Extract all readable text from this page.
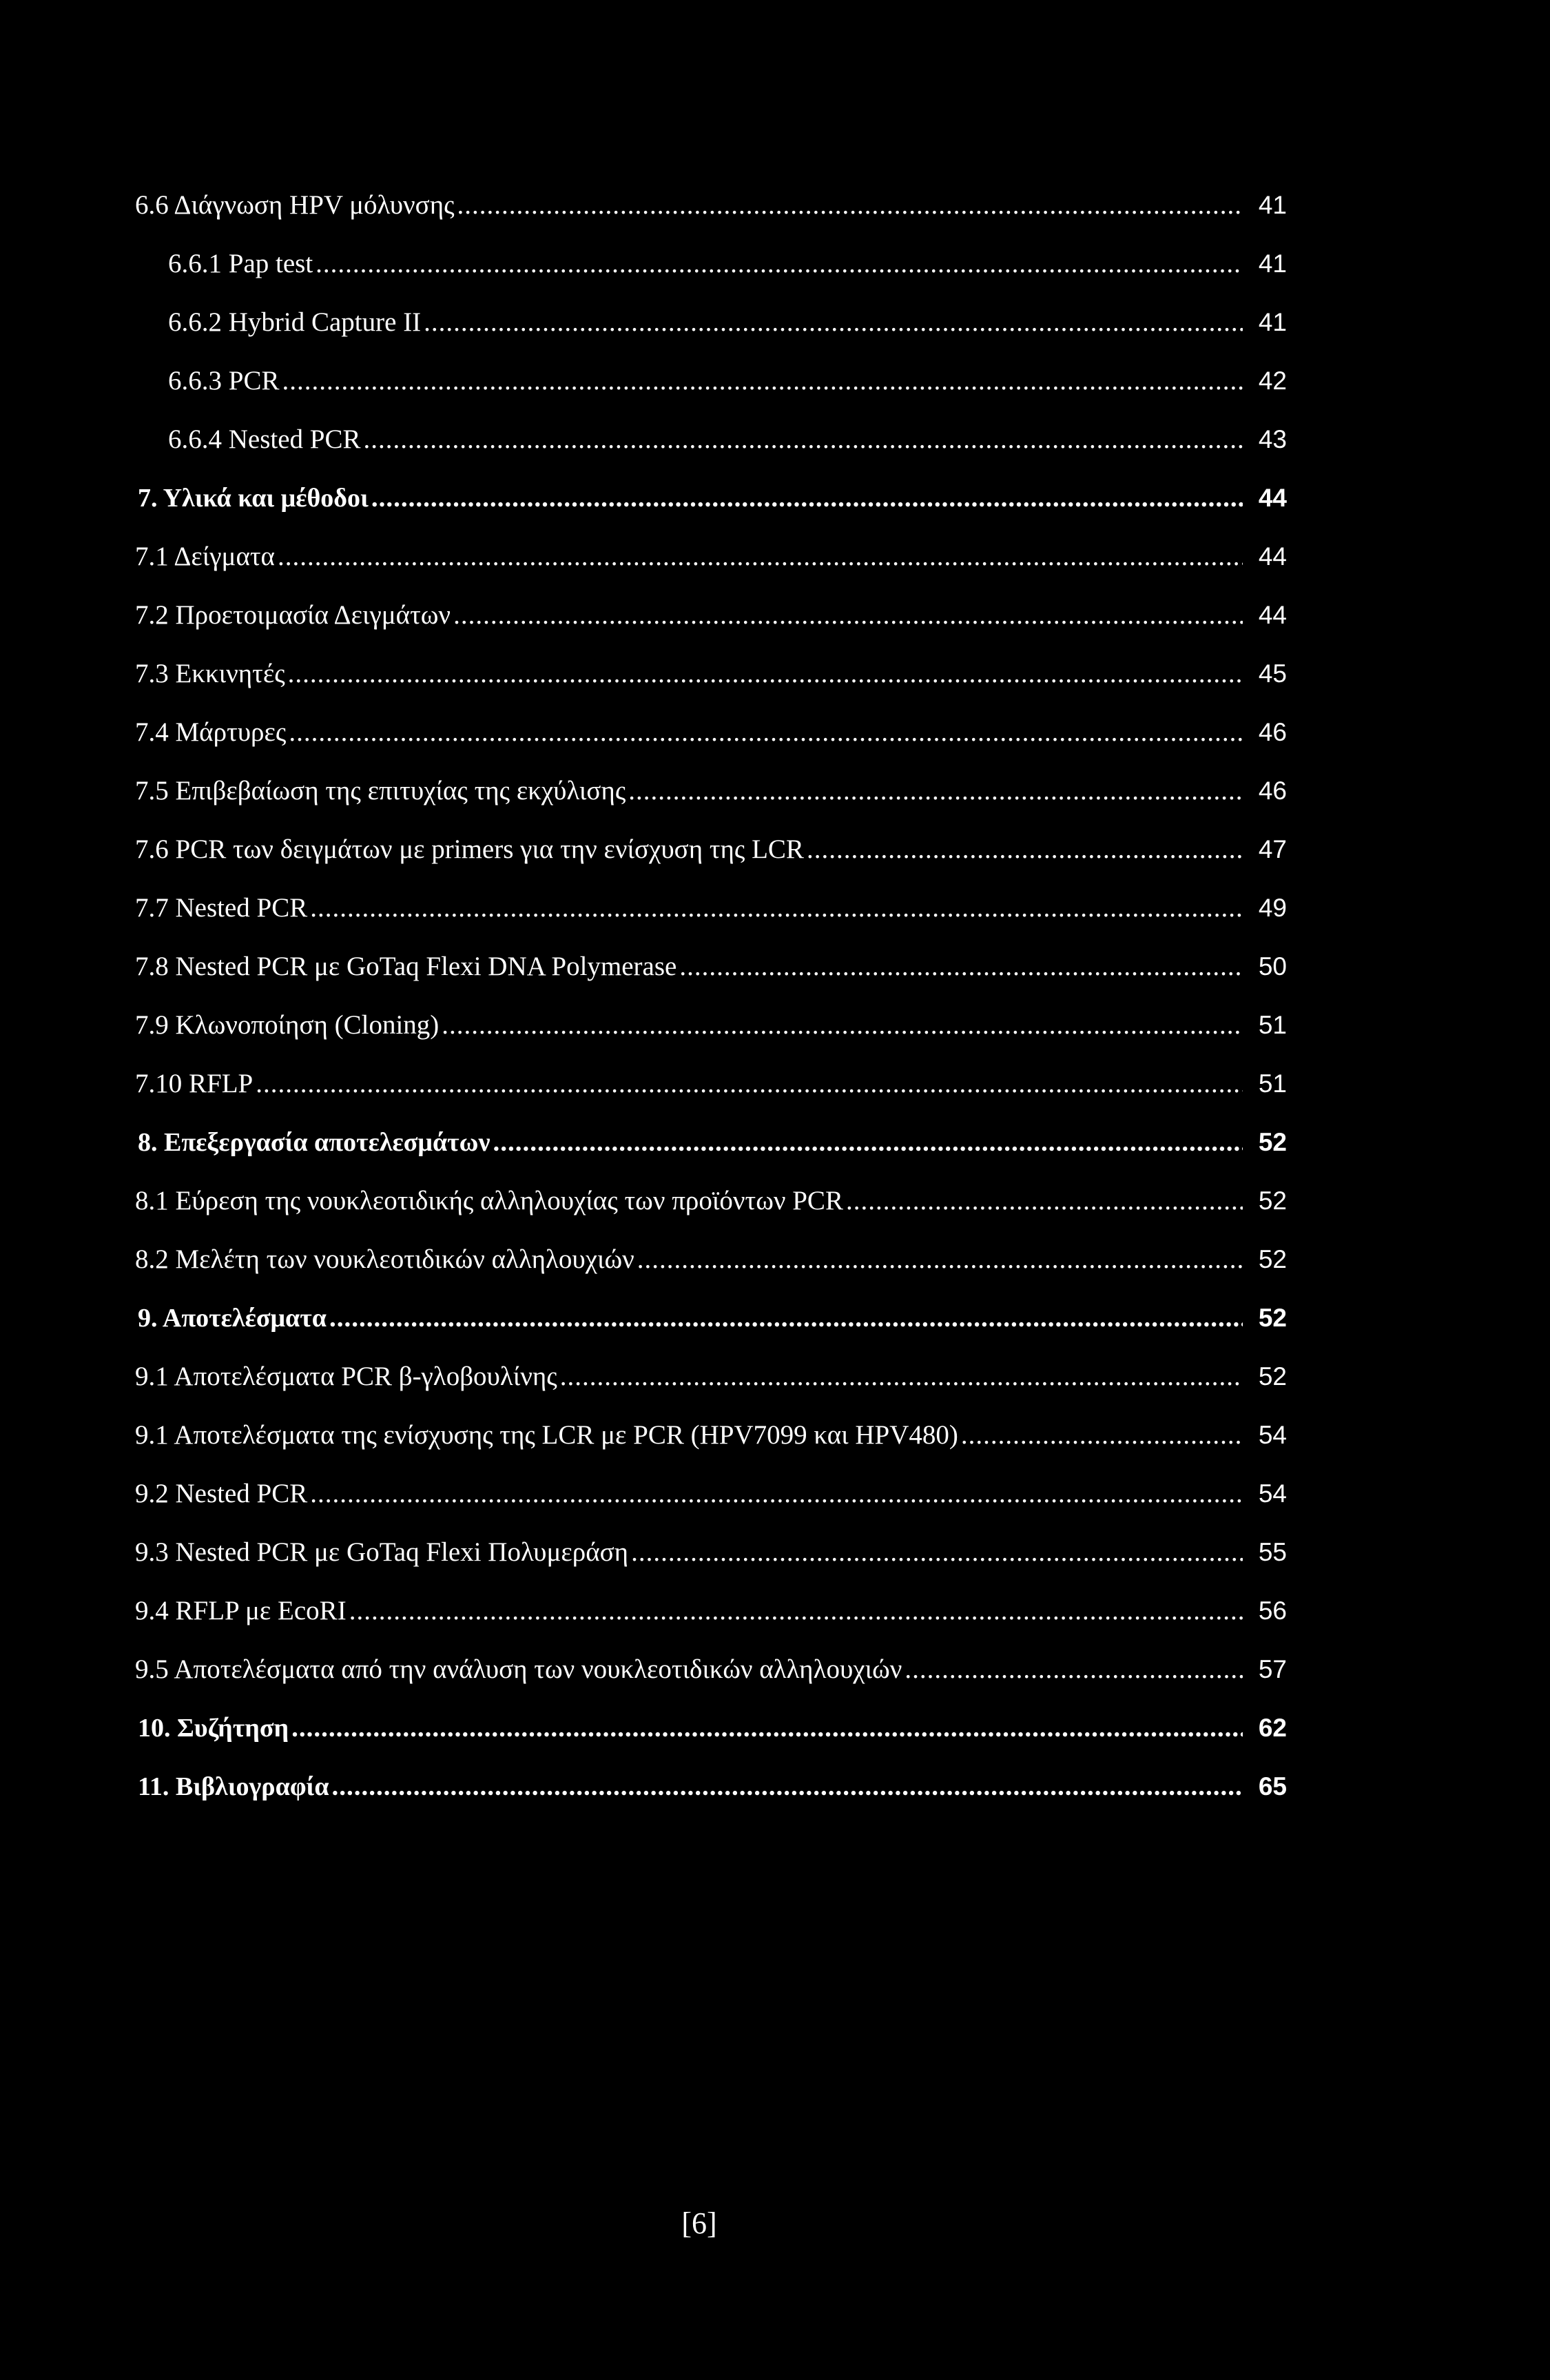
6.6 Διάγνωση HPV μόλυνσης .....	41
6.6.1 Pap test .....	41
6.6.2 Hybrid Capture II .....	41
6.6.3 PCR .....	42
6.6.4 Nested PCR .....	43
7. Υλικά και μέθοδοι .....	44
7.1 Δείγματα .....	44
7.2 Προετοιμασία Δειγμάτων .....	44
7.3 Εκκινητές .....	45
7.4 Μάρτυρες .....	46
7.5 Επιβεβαίωση της επιτυχίας της εκχύλισης .....	46
7.6 PCR των δειγμάτων με primers για την ενίσχυση της LCR .....	47
7.7 Nested PCR .....	49
7.8 Nested PCR με GoTaq Flexi DNA Polymerase .....	50
7.9 Κλωνοποίηση (Cloning) .....	51
7.10 RFLP .....	51
8. Επεξεργασία αποτελεσμάτων .....	52
8.1 Εύρεση της νουκλεοτιδικής αλληλουχίας των προϊόντων PCR .....	52
8.2 Μελέτη των νουκλεοτιδικών αλληλουχιών .....	52
9. Αποτελέσματα .....	52
9.1 Αποτελέσματα PCR β-γλοβουλίνης .....	52
9.1 Αποτελέσματα της ενίσχυσης της LCR με PCR (HPV7099 και HPV480) .....	54
9.2 Nested PCR .....	54
9.3 Nested PCR με GoTaq Flexi Πολυμεράση .....	55
9.4 RFLP με EcoRI .....	56
9.5 Αποτελέσματα από την ανάλυση των νουκλεοτιδικών αλληλουχιών .....	57
10. Συζήτηση .....	62
11. Βιβλιογραφία .....	65
[6]
